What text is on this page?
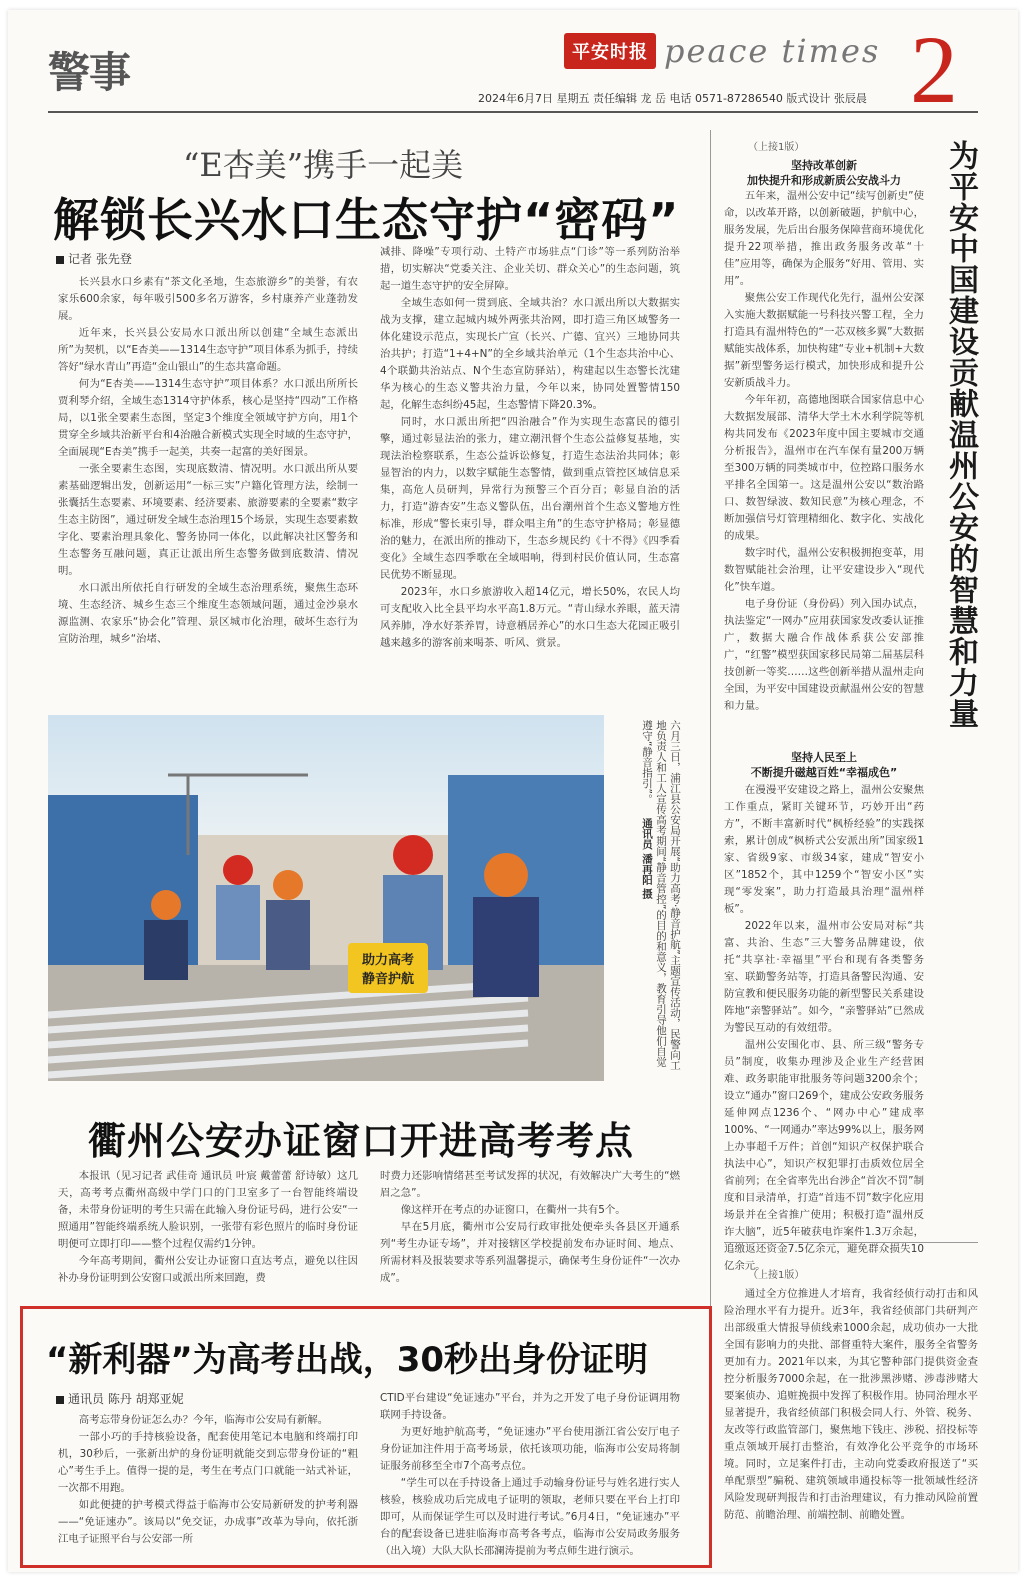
警事	平安时报 peace times 2
2024年6月7日 星期五 责任编辑 龙 岳 电话 0571-87286540 版式设计 张辰晨
“E杏美”携手一起美
解锁长兴水口生态守护“密码”
记者 张先登

长兴县水口乡素有“茶文化圣地，生态旅游乡”的美誉，有农家乐600余家，每年吸引500多名万游客，乡村康养产业蓬勃发展。

近年来，长兴县公安局水口派出所以创建“全域生态派出所”为契机，以“E杏美——1314生态守护”项目体系为抓手，持续答好“绿水青山”再造“金山银山”的生态共富命题。

何为“E杏美——1314生态守护”项目体系？水口派出所所长贾利琴介绍，全域生态1314守护体系，核心是坚持“四动”工作格局，以1张全要素生态图，坚定3个维度全领域守护方向，用1个贯穿全乡域共治新平台和4治融合新模式实现全时域的生态守护，全面展现“E杏美”携手一起美，共奏一起富的美好图景。

一张全要素生态图，实现底数清、情况明。水口派出所从要素基础逻辑出发，创新运用“一标三实”户籍化管理方法，绘制一张囊括生态要素、环境要素、经济要素、旅游要素的全要素“数字生态主防图”，通过研发全域生态治理15个场景，实现生态要素数字化、要素治理具象化、警务协同一体化，以此解决社区警务和生态警务互融问题，真正让派出所生态警务做到底数清、情况明。

水口派出所依托自行研发的全域生态治理系统，聚焦生态环境、生态经济、城乡生态三个维度生态领域问题，通过金沙泉水源监测、农家乐“协会化”管理、景区城市化治理，破坏生态行为宣防治理，城乡“治堵、

减排、降噪”专项行动、土特产市场驻点“门诊”等一系列防治举措，切实解决“党委关注、企业关切、群众关心”的生态问题，筑起一道生态守护的安全屏障。

全域生态如何一贯到底、全域共治？水口派出所以大数据实战为支撑，建立起城内城外两张共治网，即打造三角区域警务一体化建设示范点，实现长广宣（长兴、广德、宜兴）三地协同共治共护；打造“1+4+N”的全乡域共治单元（1个生态共治中心、4个联勤共治站点、N个生态宣防驿站），构建起以生态警长沈建华为核心的生态义警共治力量，今年以来，协同处置警情150起，化解生态纠纷45起，生态警情下降20.3%。

同时，水口派出所把“四治融合”作为实现生态富民的德引擎，通过彰显法治的张力，建立潮汛督个生态公益修复基地，实现法治检察联系，生态公益诉讼修复，打造生态法治共同体；彰显智治的内力，以数字赋能生态警情，做到重点管控区域信息采集，高危人员研判，异常行为预警三个百分百；彰显自治的活力，打造“游杏安”生态义警队伍，出台潮州首个生态义警地方性标准，形成“警长束引导，群众唱主角”的生态守护格局；彰显德治的魅力，在派出所的推动下，生态乡规民约《十不得》《四季看变化》全域生态四季歌在全域唱响，得到村民价值认同，生态富民优势不断显现。

2023年，水口乡旅游收入超14亿元，增长50%，农民人均可支配收入比全县平均水平高1.8万元。“青山绿水养眼，蓝天清风养肺，净水好茶养胃，诗意栖居养心”的水口生态大花园正吸引越来越多的游客前来喝茶、听风、赏景。

（上接1版）
坚持改革创新
加快提升和形成新质公安战斗力

五年来，温州公安中记“续写创新史”使命，以改革开路，以创新破题，护航中心，服务发展，先后出台服务保障营商环境优化提升22项举措，推出政务服务改革“十佳”应用等，确保为企服务“好用、管用、实用”。

聚焦公安工作现代化先行，温州公安深入实施大数据赋能一号科技兴警工程，全力打造具有温州特色的“一芯双核多翼”大数据赋能实战体系，加快构建“专业+机制+大数据”新型警务运行模式，加快形成和提升公安新质战斗力。

今年年初，高德地图联合国家信息中心大数据发展部、清华大学土木水利学院等机构共同发布《2023年度中国主要城市交通分析报告》，温州市在汽车保有量200万辆至300万辆的同类城市中，位控路口服务水平排名全国第一。这是温州公安以“数治路口、数智绿波、数知民意”为核心理念，不断加强信号灯管理精细化、数字化、实战化的成果。

数字时代，温州公安积极拥抱变革，用数智赋能社会治理，让平安建设步入“现代化”快车道。

电子身份证（身份码）列入国办试点，执法鉴定“一网办”应用获国家发改委认证推广，数据大融合作战体系获公安部推广，“红警”模型获国家移民局第二届基层科技创新一等奖……这些创新举措从温州走向全国，为平安中国建设贡献温州公安的智慧和力量。

坚持人民至上
不断提升磁越百姓“幸福成色”

在漫漫平安建设之路上，温州公安聚焦工作重点，紧盯关键环节，巧妙开出“药方”，不断丰富新时代“枫桥经验”的实践探索，累计创成“枫桥式公安派出所”国家级1家、省级9家、市级34家，建成“智安小区”1852个，其中1259个“智安小区”实现“零发案”，助力打造最具治理“温州样板”。

2022年以来，温州市公安局对标“共富、共治、生态”三大警务品牌建设，依托“共享社·幸福里”平台和现有各类警务室、联勤警务站等，打造具备警民沟通、安防宣教和便民服务功能的新型警民关系建设阵地“亲警驿站”。如今，“亲警驿站”已然成为警民互动的有效纽带。

温州公安围化市、县、所三级“警务专员”制度，收集办理涉及企业生产经营困难、政务职能审批服务等问题3200余个；设立“通办”窗口269个，建成公安政务服务延伸网点1236个、“网办中心”建成率100%、“一网通办”率达99%以上，服务网上办事超千万件；首创“知识产权保护联合执法中心”，知识产权犯罪打击质效位居全省前列；在全省率先出台涉企“首次不罚”制度和目录清单，打造“首违不罚”数字化应用场景并在全省推广使用；积极打造“温州反诈大脑”，近5年破获电诈案件1.3万余起，追缴返还资金7.5亿余元，避免群众损失10亿余元。

为平安中国建设贡献温州公安的智慧和力量
（上接1版）

通过全方位推进人才培育，我省经侦行动打击和风险治理水平有力提升。近3年，我省经侦部门共研判产出部级重大情报导侦线索1000余起，成功侦办一大批全国有影响力的央批、部督重特大案件，服务全省警务更加有力。2021年以来，为其它警种部门提供资金查控分析服务7000余起，在一批涉黑涉赌、涉毒涉赌大要案侦办、追赃挽损中发挥了积极作用。协同治理水平显著提升，我省经侦部门积极会同人行、外管、税务、友改等行政监管部门，聚焦地下钱庄、涉税、招投标等重点领域开展打击整治，有效净化公平竞争的市场环境。同时，立足案件打击，主动向党委政府报送了“买单配票型”骗税、建筑领域串通投标等一批领域性经济风险发现研判报告和打击治理建议，有力推动风险前置防范、前瞻治理、前端控制、前瞻处置。

助力高考
静音护航	六月三日，浦江县公安局开展“助力高考·静音护航”主题宣传活动，民警向工地负责人和工人宣传高考期间“静音管控”的目的和意义，教育引导他们自觉遵守“静音指引”。 通讯员 潘再阳 摄
衢州公安办证窗口开进高考考点

本报讯（见习记者 武佳奇 通讯员 叶宸 戴蕾蕾 舒诗敏）这几天，高考考点衢州高级中学门口的门卫室多了一台智能终端设备，未带身份证明的考生只需在此输入身份证号码，进行公安“一照通用”智能终端系统人脸识别，一张带有彩色照片的临时身份证明便可立即打印——整个过程仅需约1分钟。

今年高考期间，衢州公安让办证窗口直达考点，避免以往因补办身份证明到公安窗口或派出所来回跑，费

时费力还影响情绪甚至考试发挥的状况，有效解决广大考生的“燃眉之急”。

像这样开在考点的办证窗口，在衢州一共有5个。

早在5月底，衢州市公安局行政审批处便牵头各县区开通系列“考生办证专场”，并对接辖区学校提前发布办证时间、地点、所需材料及报装要求等系列温馨提示，确保考生身份证件“一次办成”。

“新利器”为高考出战，30秒出身份证明
通讯员 陈丹 胡郑亚妮

高考忘带身份证怎么办？今年，临海市公安局有新解。

一部小巧的手持核验设备，配套使用笔记本电脑和终端打印机，30秒后，一张新出炉的身份证明就能交到忘带身份证的“粗心”考生手上。值得一提的是，考生在考点门口就能一站式补证，一次都不用跑。

如此便捷的护考模式得益于临海市公安局新研发的护考利器——“免证速办”。该局以“免交证，办成事”改革为导向，依托浙江电子证照平台与公安部一所

CTID平台建设“免证速办”平台，并为之开发了电子身份证调用物联网手持设备。

为更好地护航高考，“免证速办”平台使用浙江省公安厅电子身份证加注件用于高考场景，依托该项功能，临海市公安局将制证服务前移至全市7个高考点位。

“学生可以在手持设备上通过手动输身份证号与姓名进行实人核验，核验成功后完成电子证明的领取，老师只要在平台上打印即可，从而保证学生可以及时进行考试。”6月4日，“免证速办”平台的配套设备已进驻临海市高考各考点，临海市公安局政务服务（出入境）大队大队长邵澜涛提前为考点师生进行演示。
